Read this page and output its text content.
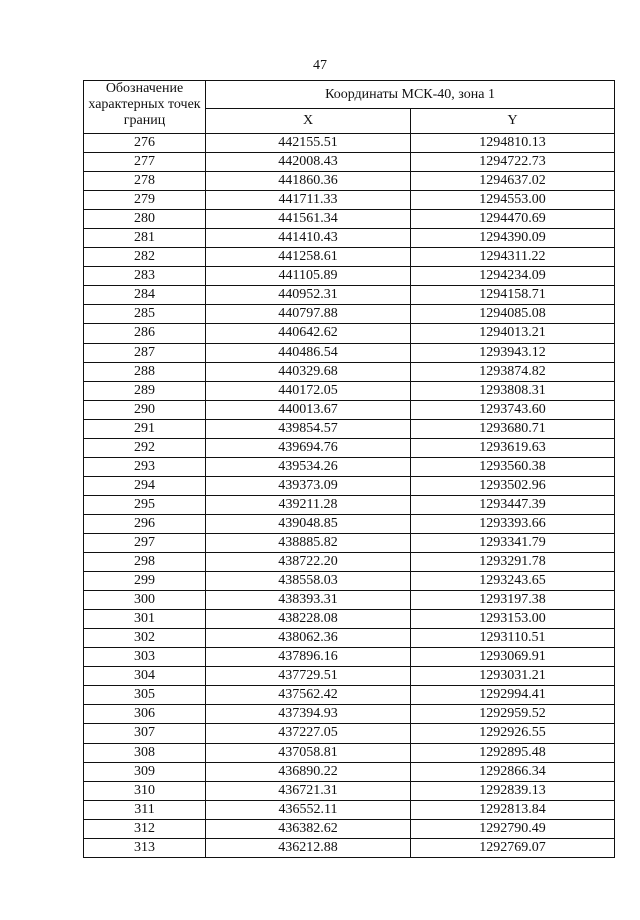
47
Обозначение характерных точек границ	Координаты МСК-40, зона 1	
	X	Y
276	442155.51	1294810.13
277	442008.43	1294722.73
278	441860.36	1294637.02
279	441711.33	1294553.00
280	441561.34	1294470.69
281	441410.43	1294390.09
282	441258.61	1294311.22
283	441105.89	1294234.09
284	440952.31	1294158.71
285	440797.88	1294085.08
286	440642.62	1294013.21
287	440486.54	1293943.12
288	440329.68	1293874.82
289	440172.05	1293808.31
290	440013.67	1293743.60
291	439854.57	1293680.71
292	439694.76	1293619.63
293	439534.26	1293560.38
294	439373.09	1293502.96
295	439211.28	1293447.39
296	439048.85	1293393.66
297	438885.82	1293341.79
298	438722.20	1293291.78
299	438558.03	1293243.65
300	438393.31	1293197.38
301	438228.08	1293153.00
302	438062.36	1293110.51
303	437896.16	1293069.91
304	437729.51	1293031.21
305	437562.42	1292994.41
306	437394.93	1292959.52
307	437227.05	1292926.55
308	437058.81	1292895.48
309	436890.22	1292866.34
310	436721.31	1292839.13
311	436552.11	1292813.84
312	436382.62	1292790.49
313	436212.88	1292769.07
